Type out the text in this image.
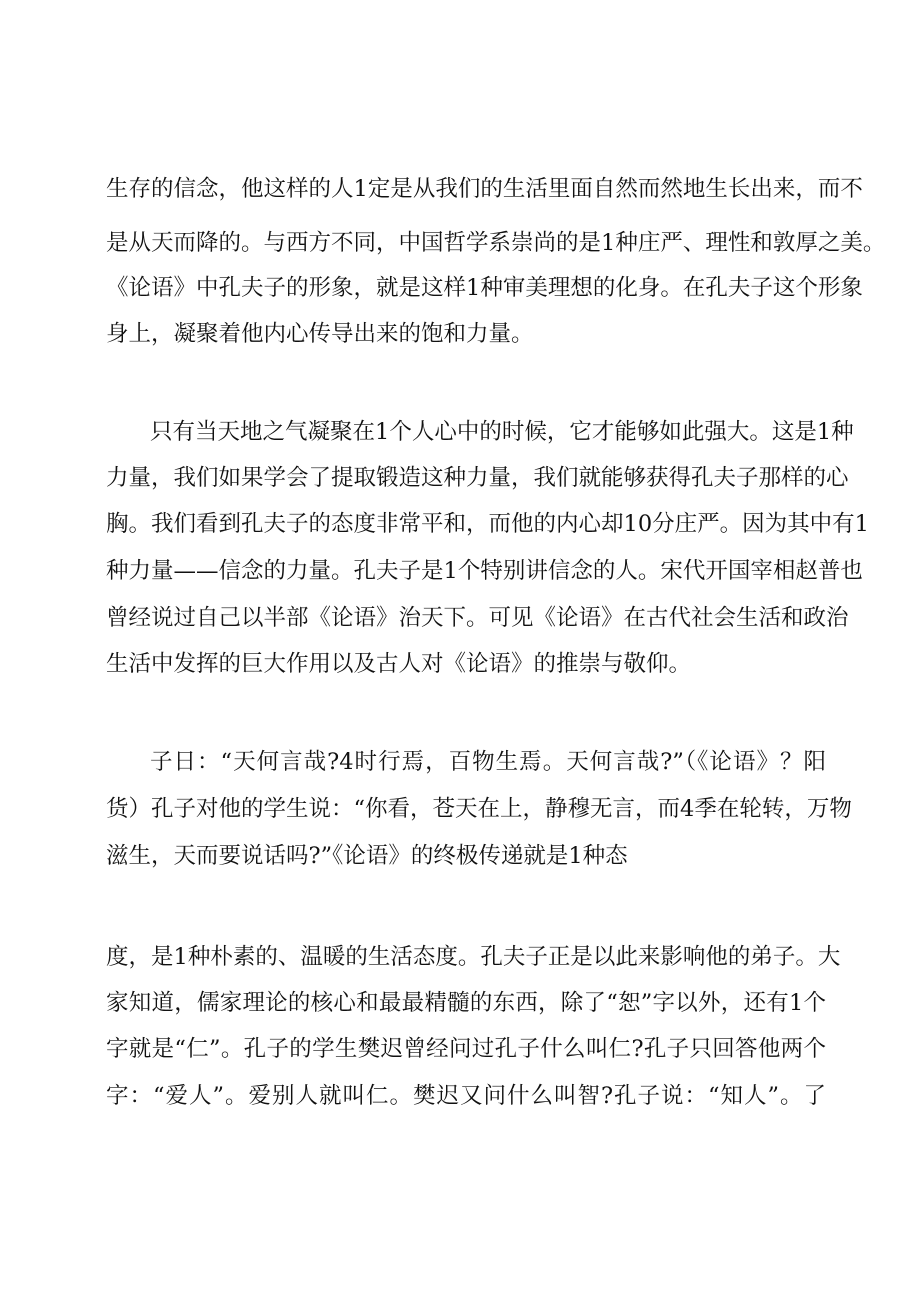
生存的信念，他这样的人1定是从我们的生活里面自然而然地生长出来，而不
是从天而降的。与西方不同，中国哲学系崇尚的是1种庄严、理性和敦厚之美。
《论语》中孔夫子的形象，就是这样1种审美理想的化身。在孔夫子这个形象
身上，凝聚着他内心传导出来的饱和力量。
只有当天地之气凝聚在1个人心中的时候，它才能够如此强大。这是1种
力量，我们如果学会了提取锻造这种力量，我们就能够获得孔夫子那样的心
胸。我们看到孔夫子的态度非常平和，而他的内心却10分庄严。因为其中有1
种力量——信念的力量。孔夫子是1个特别讲信念的人。宋代开国宰相赵普也
曾经说过自己以半部《论语》治天下。可见《论语》在古代社会生活和政治
生活中发挥的巨大作用以及古人对《论语》的推崇与敬仰。
子日：“天何言哉?4时行焉，百物生焉。天何言哉?”（《论语》？阳
货）孔子对他的学生说：“你看，苍天在上，静穆无言，而4季在轮转，万物
滋生，天而要说话吗?”《论语》的终极传递就是1种态
度，是1种朴素的、温暖的生活态度。孔夫子正是以此来影响他的弟子。大
家知道，儒家理论的核心和最最精髓的东西，除了“恕”字以外，还有1个
字就是“仁”。孔子的学生樊迟曾经问过孔子什么叫仁?孔子只回答他两个
字：“爱人”。爱别人就叫仁。樊迟又问什么叫智?孔子说：“知人”。了
